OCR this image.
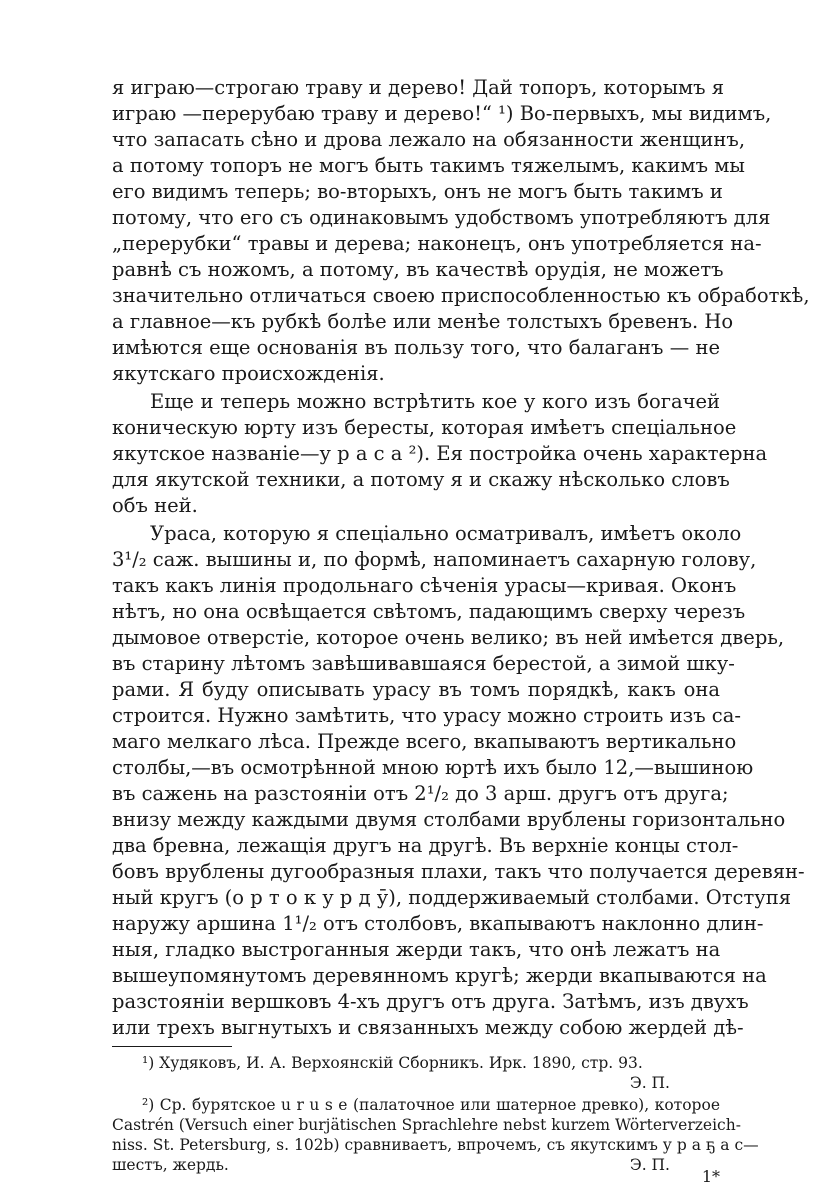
я играю—строгаю траву и дерево! Дай топоръ, которымъ я
играю —перерубаю траву и дерево!“ ¹) Во-первыхъ, мы видимъ,
что запасать сѣно и дрова лежало на обязанности женщинъ,
а потому топоръ не могъ быть такимъ тяжелымъ, какимъ мы
его видимъ теперь; во-вторыхъ, онъ не могъ быть такимъ и
потому, что его съ одинаковымъ удобствомъ употребляютъ для
„перерубки“ травы и дерева; наконецъ, онъ употребляется на-
равнѣ съ ножомъ, а потому, въ качествѣ орудія, не можетъ
значительно отличаться своею приспособленностью къ обработкѣ,
а главное—къ рубкѣ болѣе или менѣе толстыхъ бревенъ. Но
имѣются еще основанія въ пользу того, что балаганъ — не
якутскаго происхожденія.
Еще и теперь можно встрѣтить кое у кого изъ богачей
коническую юрту изъ бересты, которая имѣетъ спеціальное
якутское названіе—у р а с а ²). Ея постройка очень характерна
для якутской техники, а потому я и скажу нѣсколько словъ
объ ней.
Ураса, которую я спеціально осматривалъ, имѣетъ около
3¹/₂ саж. вышины и, по формѣ, напоминаетъ сахарную голову,
такъ какъ линія продольнаго сѣченія урасы—кривая. Оконъ
нѣтъ, но она освѣщается свѣтомъ, падающимъ сверху черезъ
дымовое отверстіе, которое очень велико; въ ней имѣется дверь,
въ старину лѣтомъ завѣшивавшаяся берестой, а зимой шку-
рами. Я буду описывать урасу въ томъ порядкѣ, какъ она
строится. Нужно замѣтить, что урасу можно строить изъ са-
маго мелкаго лѣса. Прежде всего, вкапываютъ вертикально
столбы,—въ осмотрѣнной мною юртѣ ихъ было 12,—вышиною
въ сажень на разстояніи отъ 2¹/₂ до 3 арш. другъ отъ друга;
внизу между каждыми двумя столбами врублены горизонтально
два бревна, лежащія другъ на другѣ. Въ верхніе концы стол-
бовъ врублены дугообразныя плахи, такъ что получается деревян-
ный кругъ (о р т о к у р д ӯ), поддерживаемый столбами. Отступя
наружу аршина 1¹/₂ отъ столбовъ, вкапываютъ наклонно длин-
ныя, гладко выстроганныя жерди такъ, что онѣ лежатъ на
вышеупомянутомъ деревянномъ кругѣ; жерди вкапываются на
разстояніи вершковъ 4-хъ другъ отъ друга. Затѣмъ, изъ двухъ
или трехъ выгнутыхъ и связанныхъ между собою жердей дѣ-
¹) Худяковъ, И. А. Верхоянскій Сборникъ. Ирк. 1890, стр. 93.
Э. П.
²) Ср. бурятское u r u s e (палаточное или шатерное древко), которое
Castrén (Versuch einer burjätischen Sprachlehre nebst kurzem Wörterverzeich-
niss. St. Petersburg, s. 102b) сравниваетъ, впрочемъ, съ якутскимъ у р а ҕ а с—
шестъ, жердь.	Э. П.
1*
